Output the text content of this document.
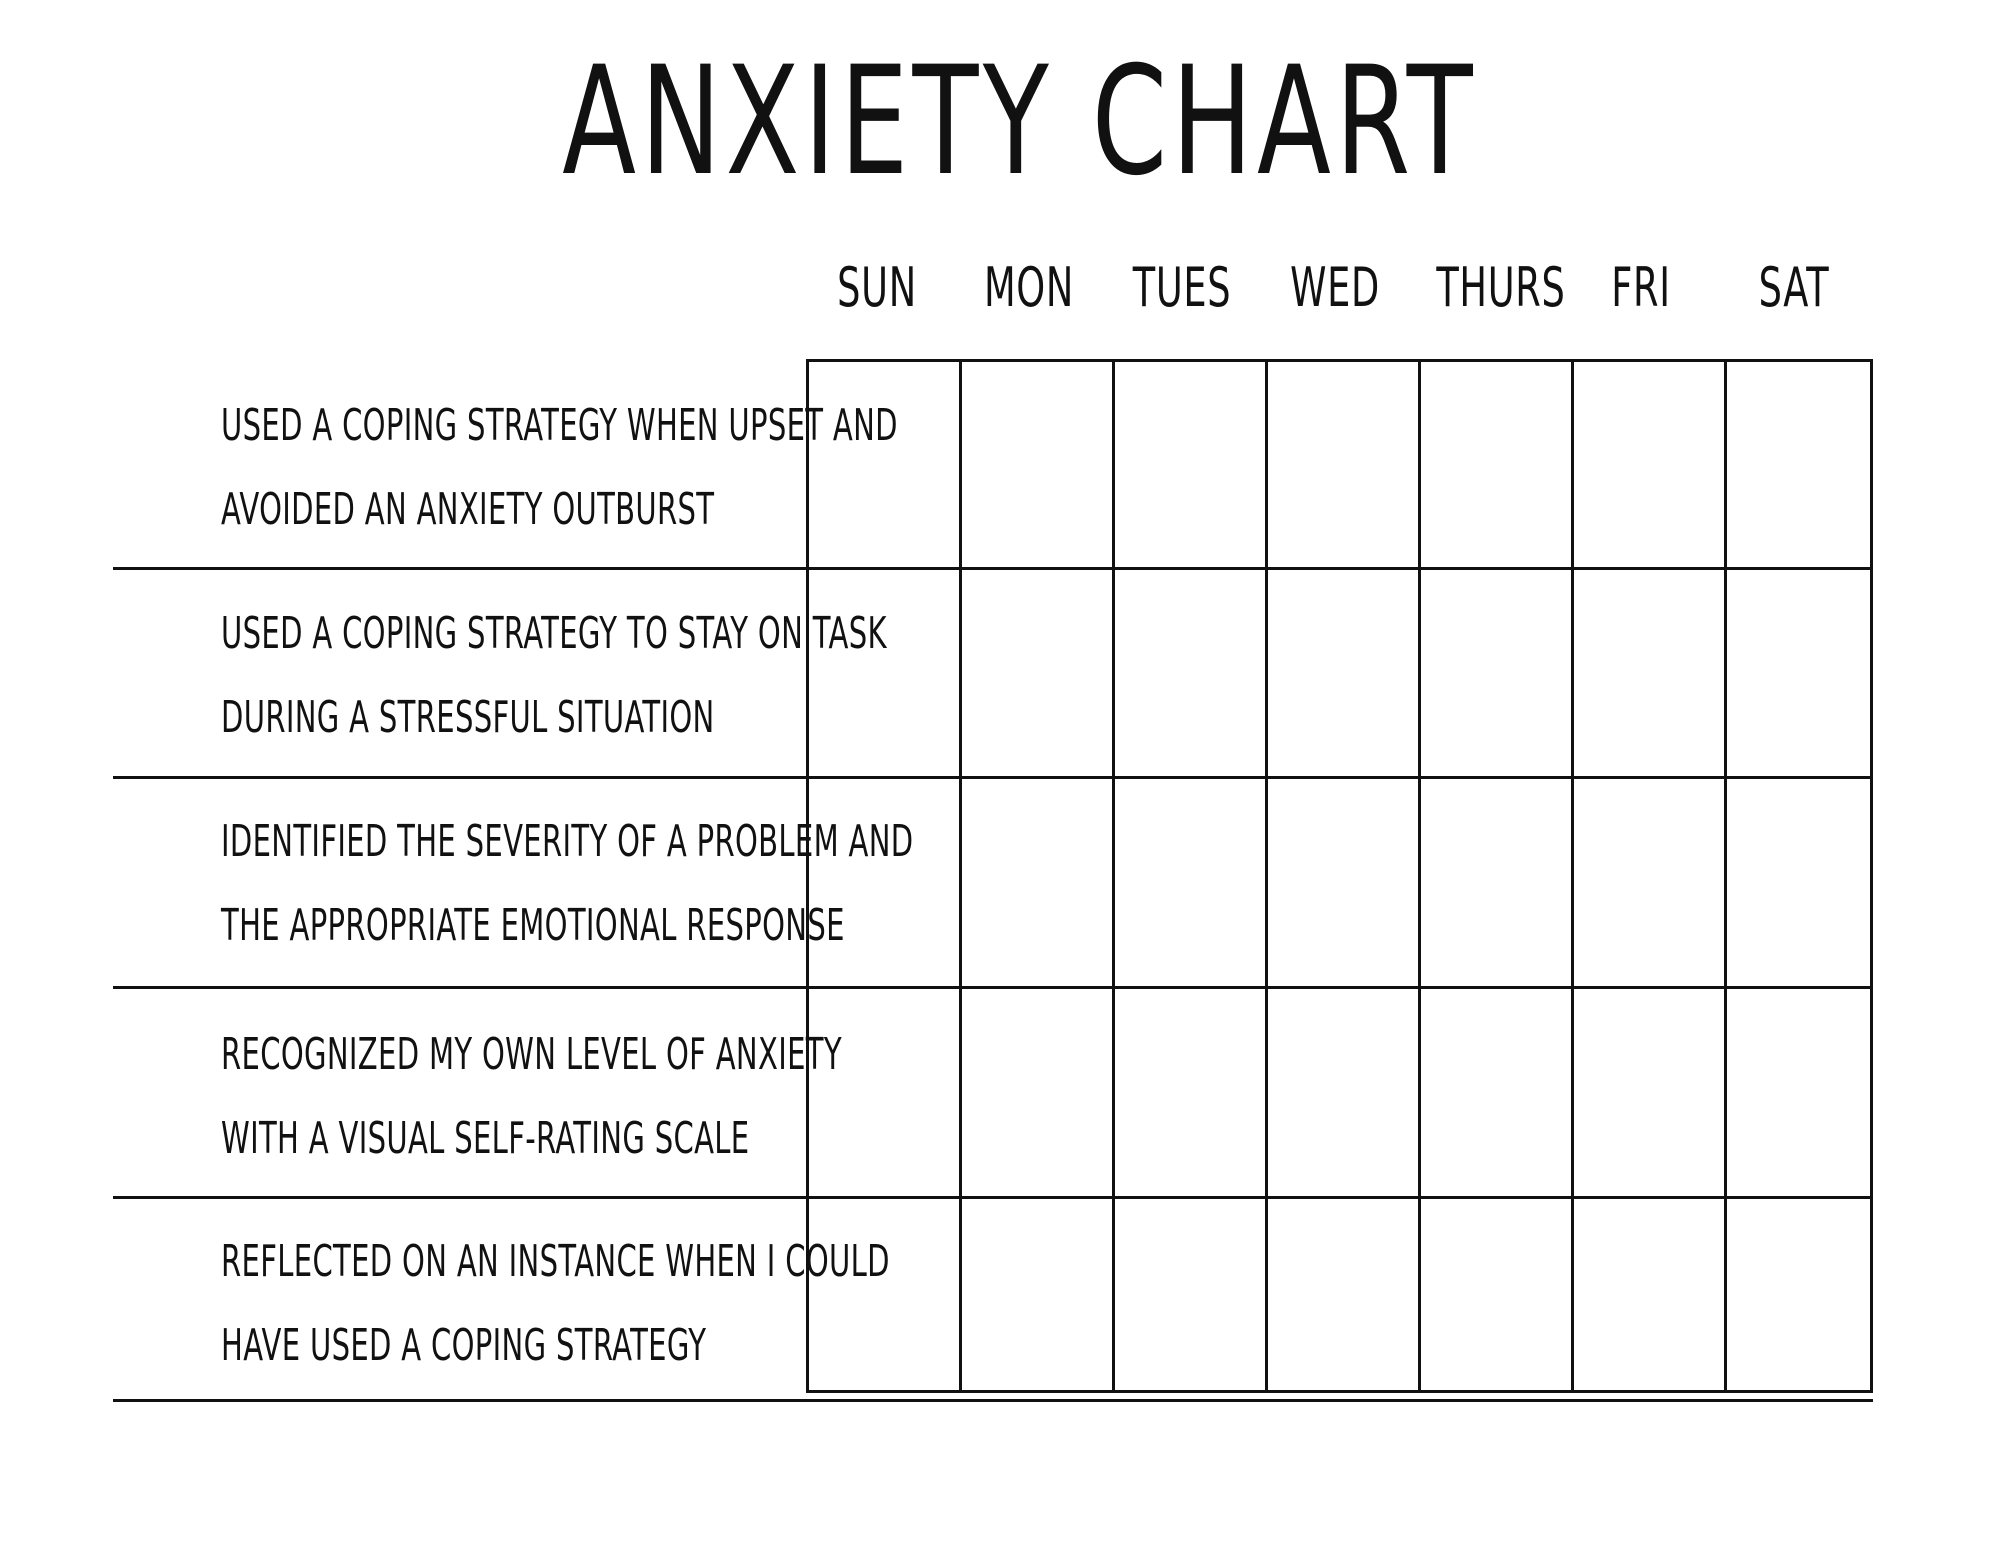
ANXIETY CHART
SUN MON TUES WED THURS FRI	SAT
USED A COPING STRATEGY WHEN UPSET AND
AVOIDED AN ANXIETY OUTBURST
USED A COPING STRATEGY TO STAY ON TASK
DURING A STRESSFUL SITUATION
IDENTIFIED THE SEVERITY OF A PROBLEM AND
THE APPROPRIATE EMOTIONAL RESPONSE
RECOGNIZED MY OWN LEVEL OF ANXIETY
WITH A VISUAL SELF-RATING SCALE
REFLECTED ON AN INSTANCE WHEN I COULD
HAVE USED A COPING STRATEGY
